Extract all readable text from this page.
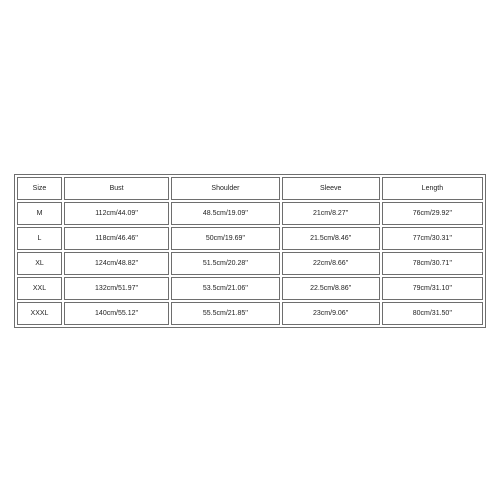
Size	Bust	Shoulder	Sleeve	Length
M	112cm/44.09''	48.5cm/19.09''	21cm/8.27''	76cm/29.92''
L	118cm/46.46''	50cm/19.69''	21.5cm/8.46''	77cm/30.31''
XL	124cm/48.82''	51.5cm/20.28''	22cm/8.66''	78cm/30.71''
XXL	132cm/51.97''	53.5cm/21.06''	22.5cm/8.86''	79cm/31.10''
XXXL	140cm/55.12''	55.5cm/21.85''	23cm/9.06''	80cm/31.50''
